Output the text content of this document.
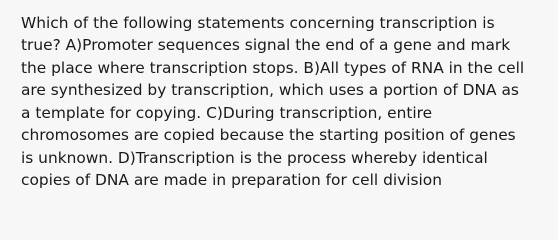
Which of the following statements concerning transcription is
true? A)Promoter sequences signal the end of a gene and mark
the place where transcription stops. B)All types of RNA in the cell
are synthesized by transcription, which uses a portion of DNA as
a template for copying. C)During transcription, entire
chromosomes are copied because the starting position of genes
is unknown. D)Transcription is the process whereby identical
copies of DNA are made in preparation for cell division
